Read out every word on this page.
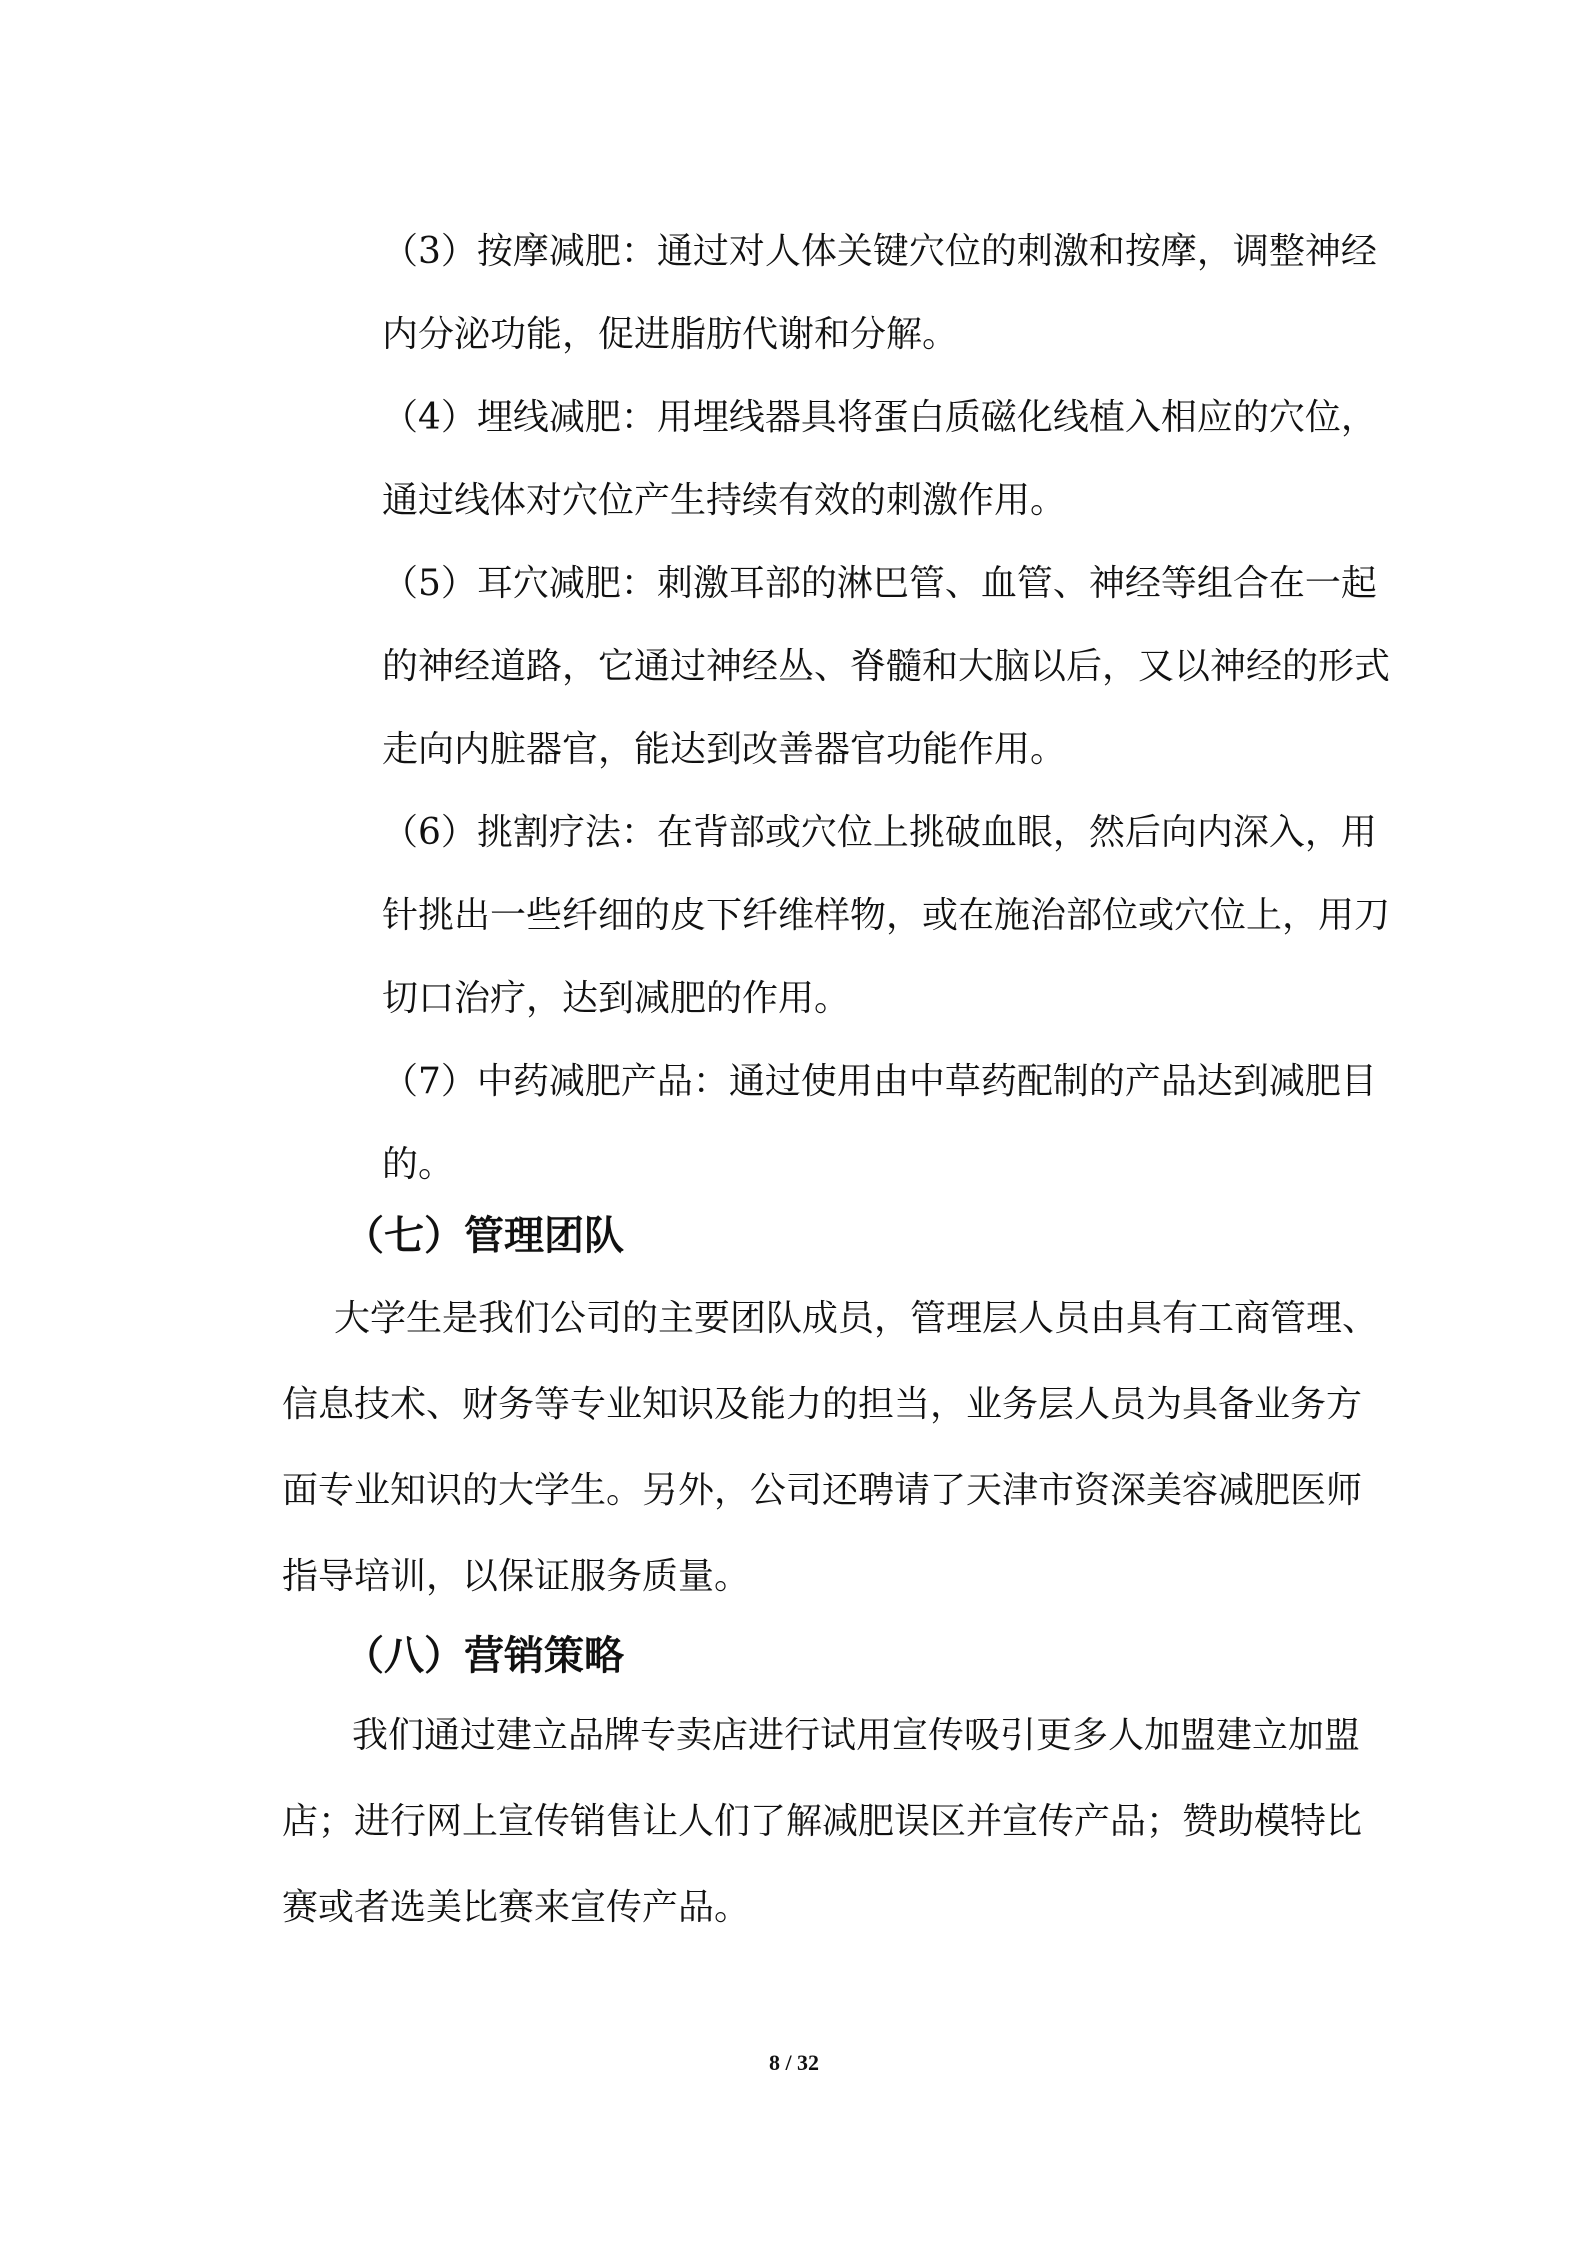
（3）按摩减肥：通过对人体关键穴位的刺激和按摩，调整神经内分泌功能，促进脂肪代谢和分解。

（4）埋线减肥：用埋线器具将蛋白质磁化线植入相应的穴位，通过线体对穴位产生持续有效的刺激作用。

（5）耳穴减肥：刺激耳部的淋巴管、血管、神经等组合在一起的神经道路，它通过神经丛、脊髓和大脑以后，又以神经的形式走向内脏器官，能达到改善器官功能作用。

（6）挑割疗法：在背部或穴位上挑破血眼，然后向内深入，用针挑出一些纤细的皮下纤维样物，或在施治部位或穴位上，用刀切口治疗，达到减肥的作用。

（7）中药减肥产品：通过使用由中草药配制的产品达到减肥目的。

（七）管理团队

大学生是我们公司的主要团队成员，管理层人员由具有工商管理、信息技术、财务等专业知识及能力的担当，业务层人员为具备业务方面专业知识的大学生。另外，公司还聘请了天津市资深美容减肥医师指导培训，以保证服务质量。

（八）营销策略

我们通过建立品牌专卖店进行试用宣传吸引更多人加盟建立加盟店；进行网上宣传销售让人们了解减肥误区并宣传产品；赞助模特比赛或者选美比赛来宣传产品。

8 / 32
